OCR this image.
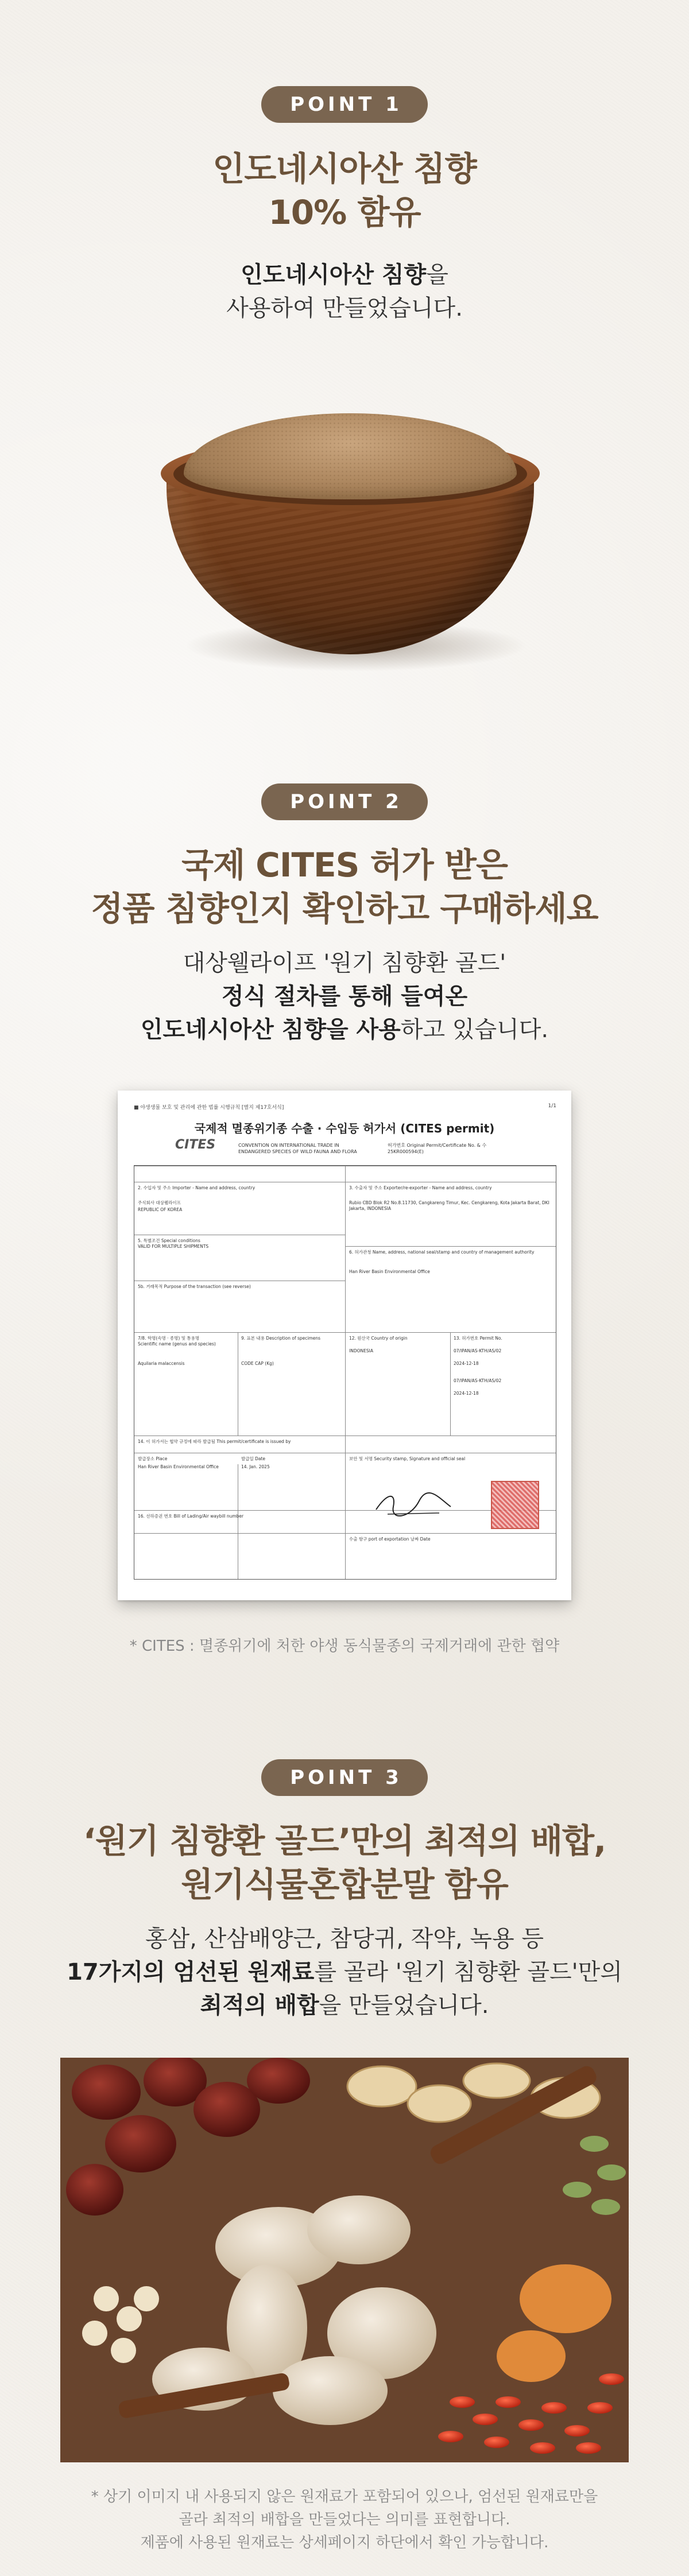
POINT 1

인도네시아산 침향

10% 함유

인도네시아산 침향을

사용하여 만들었습니다.

POINT 2

국제 CITES 허가 받은

정품 침향인지 확인하고 구매하세요

대상웰라이프 '원기 침향환 골드'

정식 절차를 통해 들여온

인도네시아산 침향을 사용하고 있습니다.

■ 야생생물 보호 및 관리에 관한 법률 시행규칙 [별지 제17호서식]	1/1
국제적 멸종위기종 수출 · 수입등 허가서 (CITES permit)
CITES	CONVENTION ON INTERNATIONAL TRADE IN
ENDANGERED SPECIES OF WILD FAUNA AND FLORA
허가번호 Original Permit/Certificate No. & 수
25KR000594(E)
2. 수입자 및 주소 Importer - Name and address, country
주식회사 대상웰라이프
REPUBLIC OF KOREA
5. 특별조건 Special conditions
VALID FOR MULTIPLE SHIPMENTS
5b. 거래목적 Purpose of the transaction (see reverse)
3. 수출자 및 주소 Exporter/re-exporter - Name and address, country
Rubio CBD Blok R2 No.8.11730, Cangkareng Timur, Kec. Cengkareng, Kota Jakarta Barat, DKI Jakarta, INDONESIA
6. 허가관청 Name, address, national seal/stamp and country of management authority
Han River Basin Environmental Office
7/8. 학명(속명 · 종명) 및 통용명
Scientific name (genus and species)
Aquilaria malaccensis
9. 표본 내용 Description of specimens
CODE CAP (Kg)
12. 원산국 Country of origin
INDONESIA
13. 허가번호 Permit No.
07/IPAN/AS-KTH/AS/02
2024-12-18
07/IPAN/AS-KTH/AS/02
2024-12-18
14. 이 허가서는 협약 규정에 따라 발급됨 This permit/certificate is issued by
발급장소 Place
Han River Basin Environmental Office
발급일 Date
14. Jan. 2025
보안 및 서명 Security stamp, Signature and official seal
16. 선하증권 번호 Bill of Lading/Air waybill number
수출 항구 port of exportation 날짜 Date

* CITES : 멸종위기에 처한 야생 동식물종의 국제거래에 관한 협약

POINT 3

‘원기 침향환 골드’만의 최적의 배합,

원기식물혼합분말 함유

홍삼, 산삼배양근, 참당귀, 작약, 녹용 등

17가지의 엄선된 원재료를 골라 '원기 침향환 골드'만의

최적의 배합을 만들었습니다.

* 상기 이미지 내 사용되지 않은 원재료가 포함되어 있으나, 엄선된 원재료만을

골라 최적의 배합을 만들었다는 의미를 표현합니다.

제품에 사용된 원재료는 상세페이지 하단에서 확인 가능합니다.
